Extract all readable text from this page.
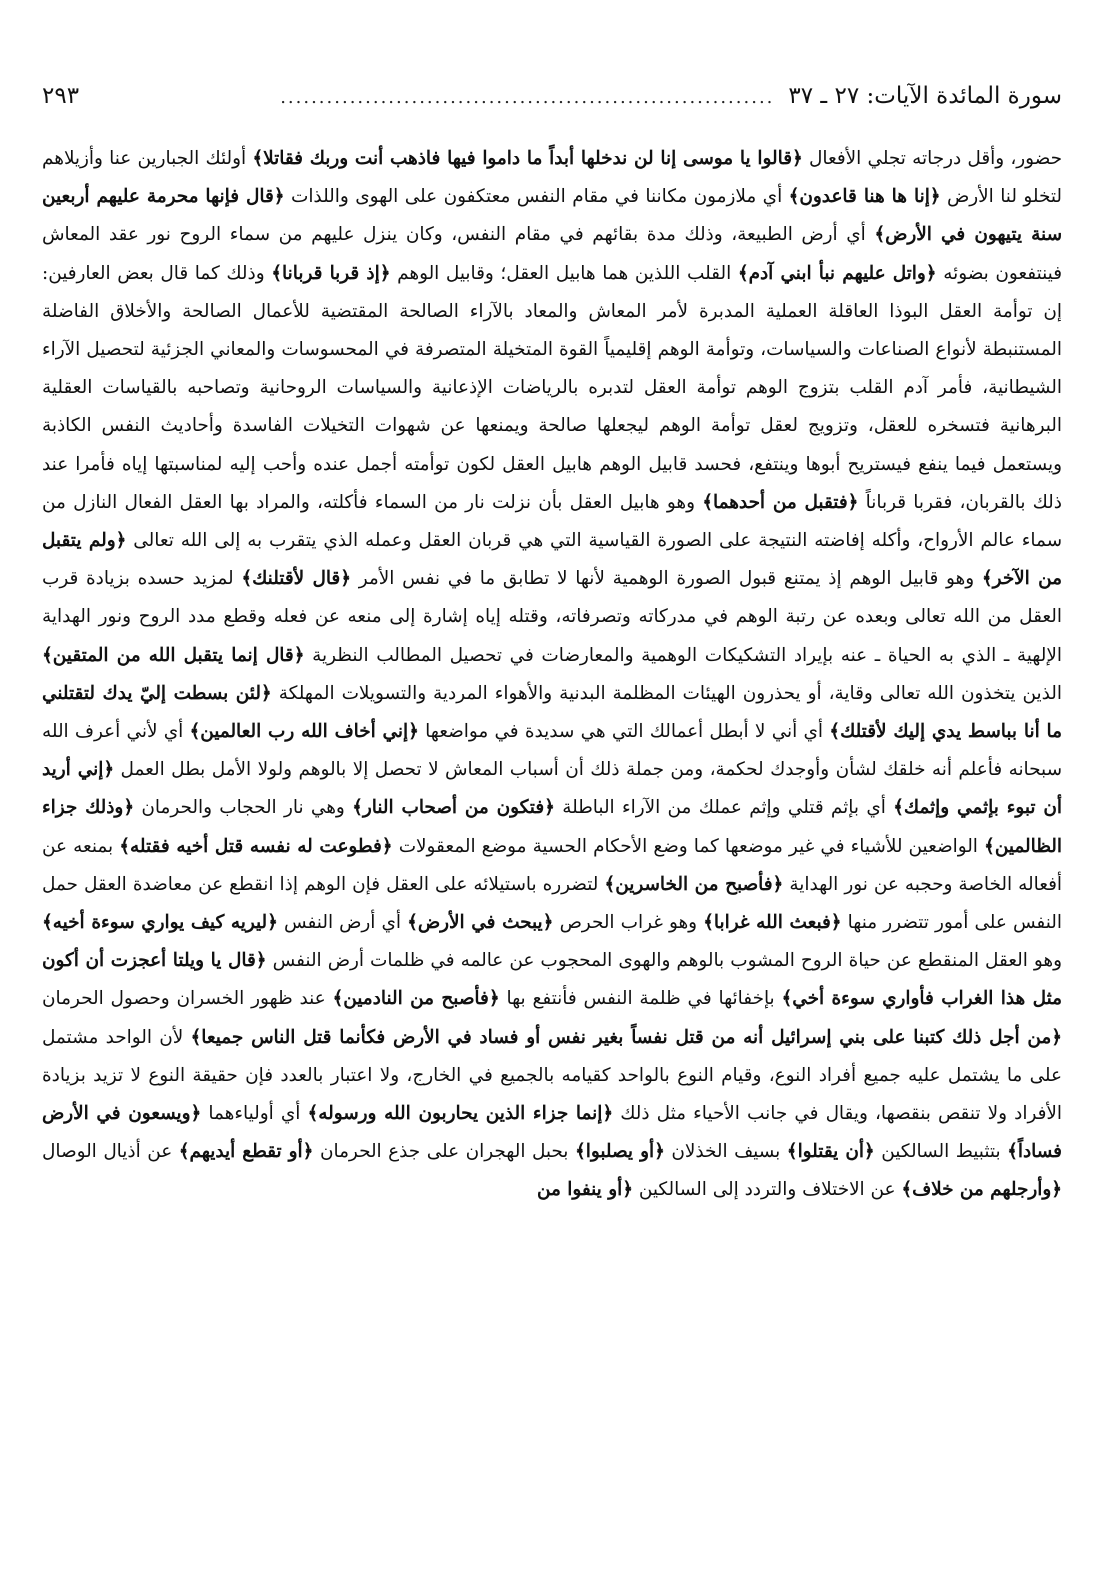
سورة المائدة الآيات: ٢٧ ـ ٣٧
................................................................
٢٩٣

حضور، وأقل درجاته تجلي الأفعال ﴿قالوا يا موسى إنا لن ندخلها أبداً ما داموا فيها فاذهب أنت وربك فقاتلا﴾ أولئك الجبارين عنا وأزيلاهم لتخلو لنا الأرض ﴿إنا ها هنا قاعدون﴾ أي ملازمون مكاننا في مقام النفس معتكفون على الهوى واللذات ﴿قال فإنها محرمة عليهم أربعين سنة يتيهون في الأرض﴾ أي أرض الطبيعة، وذلك مدة بقائهم في مقام النفس، وكان ينزل عليهم من سماء الروح نور عقد المعاش فينتفعون بضوئه ﴿واتل عليهم نبأ ابني آدم﴾ القلب اللذين هما هابيل العقل؛ وقابيل الوهم ﴿إذ قربا قربانا﴾ وذلك كما قال بعض العارفين: إن توأمة العقل البوذا العاقلة العملية المدبرة لأمر المعاش والمعاد بالآراء الصالحة المقتضية للأعمال الصالحة والأخلاق الفاضلة المستنبطة لأنواع الصناعات والسياسات، وتوأمة الوهم إقليمياً القوة المتخيلة المتصرفة في المحسوسات والمعاني الجزئية لتحصيل الآراء الشيطانية، فأمر آدم القلب بتزوج الوهم توأمة العقل لتدبره بالرياضات الإذعانية والسياسات الروحانية وتصاحبه بالقياسات العقلية البرهانية فتسخره للعقل، وتزويج لعقل توأمة الوهم ليجعلها صالحة ويمنعها عن شهوات التخيلات الفاسدة وأحاديث النفس الكاذبة ويستعمل فيما ينفع فيستريح أبوها وينتفع، فحسد قابيل الوهم هابيل العقل لكون توأمته أجمل عنده وأحب إليه لمناسبتها إياه فأمرا عند ذلك بالقربان، فقربا قرباناً ﴿فتقبل من أحدهما﴾ وهو هابيل العقل بأن نزلت نار من السماء فأكلته، والمراد بها العقل الفعال النازل من سماء عالم الأرواح، وأكله إفاضته النتيجة على الصورة القياسية التي هي قربان العقل وعمله الذي يتقرب به إلى الله تعالى ﴿ولم يتقبل من الآخر﴾ وهو قابيل الوهم إذ يمتنع قبول الصورة الوهمية لأنها لا تطابق ما في نفس الأمر ﴿قال لأقتلنك﴾ لمزيد حسده بزيادة قرب العقل من الله تعالى وبعده عن رتبة الوهم في مدركاته وتصرفاته، وقتله إياه إشارة إلى منعه عن فعله وقطع مدد الروح ونور الهداية الإلهية ـ الذي به الحياة ـ عنه بإيراد التشكيكات الوهمية والمعارضات في تحصيل المطالب النظرية ﴿قال إنما يتقبل الله من المتقين﴾ الذين يتخذون الله تعالى وقاية، أو يحذرون الهيئات المظلمة البدنية والأهواء المردية والتسويلات المهلكة ﴿لئن بسطت إليّ يدك لتقتلني ما أنا بباسط يدي إليك لأقتلك﴾ أي أني لا أبطل أعمالك التي هي سديدة في مواضعها ﴿إني أخاف الله رب العالمين﴾ أي لأني أعرف الله سبحانه فأعلم أنه خلقك لشأن وأوجدك لحكمة، ومن جملة ذلك أن أسباب المعاش لا تحصل إلا بالوهم ولولا الأمل بطل العمل ﴿إني أريد أن تبوء بإثمي وإثمك﴾ أي بإثم قتلي وإثم عملك من الآراء الباطلة ﴿فتكون من أصحاب النار﴾ وهي نار الحجاب والحرمان ﴿وذلك جزاء الظالمين﴾ الواضعين للأشياء في غير موضعها كما وضع الأحكام الحسية موضع المعقولات ﴿فطوعت له نفسه قتل أخيه فقتله﴾ بمنعه عن أفعاله الخاصة وحجبه عن نور الهداية ﴿فأصبح من الخاسرين﴾ لتضرره باستيلائه على العقل فإن الوهم إذا انقطع عن معاضدة العقل حمل النفس على أمور تتضرر منها ﴿فبعث الله غرابا﴾ وهو غراب الحرص ﴿يبحث في الأرض﴾ أي أرض النفس ﴿ليريه كيف يواري سوءة أخيه﴾ وهو العقل المنقطع عن حياة الروح المشوب بالوهم والهوى المحجوب عن عالمه في ظلمات أرض النفس ﴿قال يا ويلتا أعجزت أن أكون مثل هذا الغراب فأواري سوءة أخي﴾ بإخفائها في ظلمة النفس فأنتفع بها ﴿فأصبح من النادمين﴾ عند ظهور الخسران وحصول الحرمان ﴿من أجل ذلك كتبنا على بني إسرائيل أنه من قتل نفساً بغير نفس أو فساد في الأرض فكأنما قتل الناس جميعا﴾ لأن الواحد مشتمل على ما يشتمل عليه جميع أفراد النوع، وقيام النوع بالواحد كقيامه بالجميع في الخارج، ولا اعتبار بالعدد فإن حقيقة النوع لا تزيد بزيادة الأفراد ولا تنقص بنقصها، ويقال في جانب الأحياء مثل ذلك ﴿إنما جزاء الذين يحاربون الله ورسوله﴾ أي أولياءهما ﴿ويسعون في الأرض فساداً﴾ بتثبيط السالكين ﴿أن يقتلوا﴾ بسيف الخذلان ﴿أو يصلبوا﴾ بحبل الهجران على جذع الحرمان ﴿أو تقطع أيديهم﴾ عن أذيال الوصال ﴿وأرجلهم من خلاف﴾ عن الاختلاف والتردد إلى السالكين ﴿أو ينفوا من
